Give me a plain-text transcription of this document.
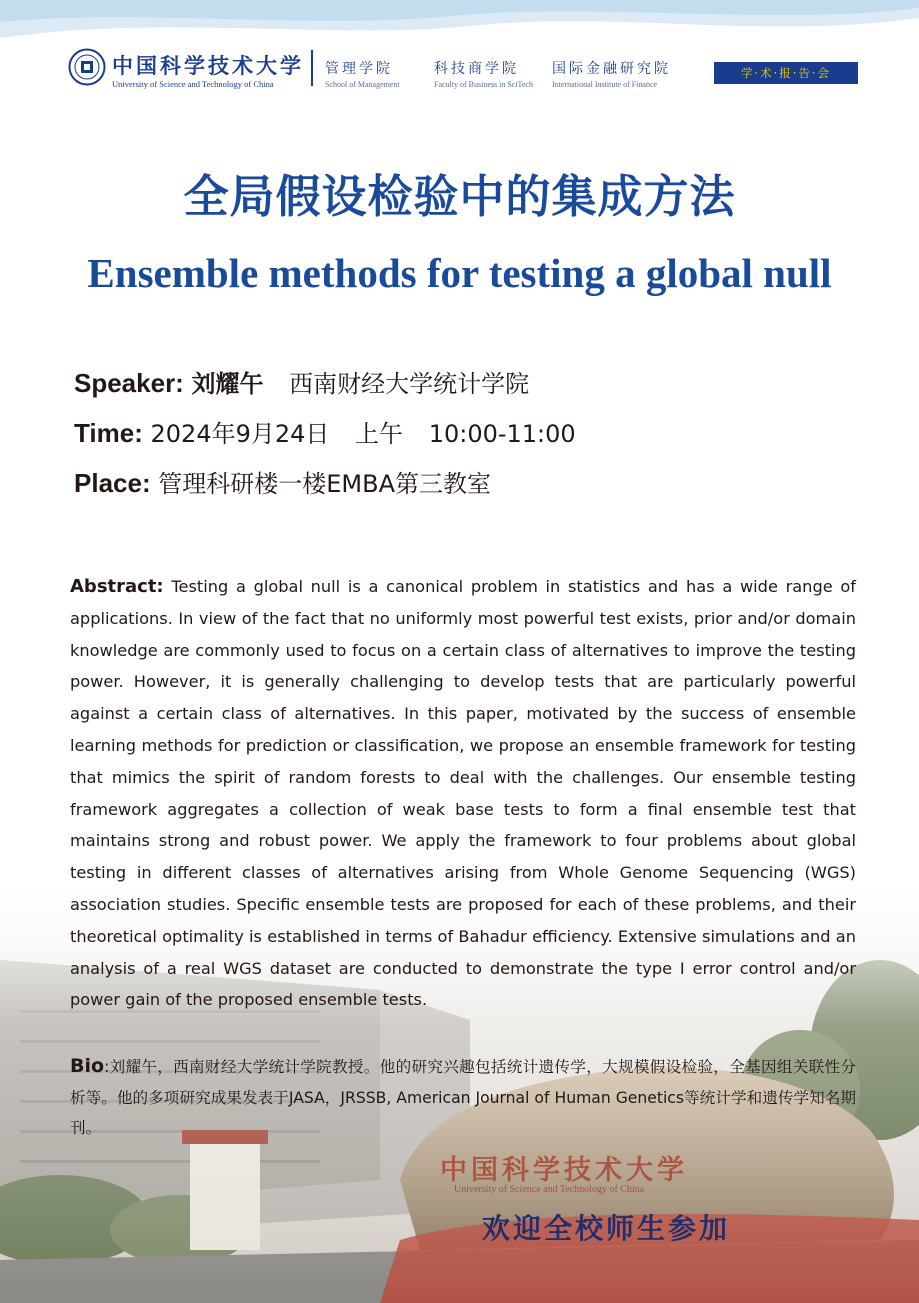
中国科学技术大学
University of Science and Technology of China
管理学院
School of Management
科技商学院
Faculty of Business in SciTech
国际金融研究院
International Institute of Finance
学·术·报·告·会
全局假设检验中的集成方法
Ensemble methods for testing a global null
Speaker: 刘耀午 西南财经大学统计学院
Time: 2024年9月24日 上午 10:00-11:00
Place: 管理科研楼一楼EMBA第三教室
Abstract: Testing a global null is a canonical problem in statistics and has a wide range of applications. In view of the fact that no uniformly most powerful test exists, prior and/or domain knowledge are commonly used to focus on a certain class of alternatives to improve the testing power. However, it is generally challenging to develop tests that are particularly powerful against a certain class of alternatives. In this paper, motivated by the success of ensemble learning methods for prediction or classification, we propose an ensemble framework for testing that mimics the spirit of random forests to deal with the challenges. Our ensemble testing framework aggregates a collection of weak base tests to form a final ensemble test that maintains strong and robust power. We apply the framework to four problems about global testing in different classes of alternatives arising from Whole Genome Sequencing (WGS) association studies. Specific ensemble tests are proposed for each of these problems, and their theoretical optimality is established in terms of Bahadur efficiency. Extensive simulations and an analysis of a real WGS dataset are conducted to demonstrate the type I error control and/or power gain of the proposed ensemble tests.
Bio:刘耀午，西南财经大学统计学院教授。他的研究兴趣包括统计遗传学，大规模假设检验，全基因组关联性分析等。他的多项研究成果发表于JASA，JRSSB, American Journal of Human Genetics等统计学和遗传学知名期刊。
中国科学技术大学
University of Science and Technology of China
欢迎全校师生参加
